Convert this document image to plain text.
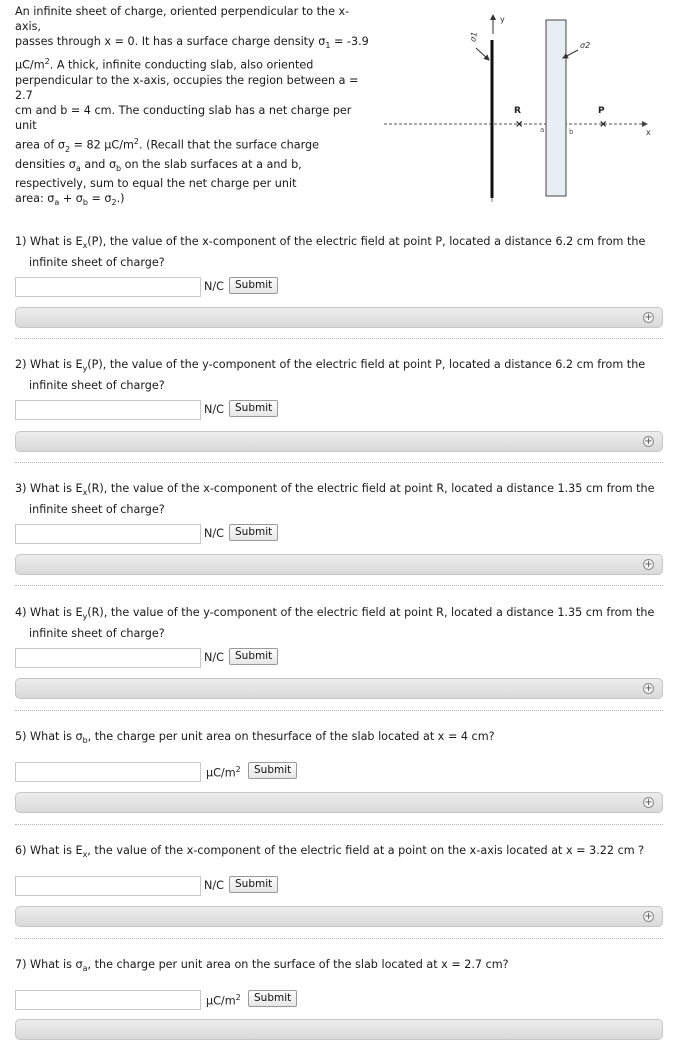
An infinite sheet of charge, oriented perpendicular to the x-axis,
passes through x = 0. It has a surface charge density $\sigma_1 = -3.9$
$\mu C/m^2$. A thick, infinite conducting slab, also oriented
perpendicular to the x-axis, occupies the region between a = 2.7
cm and b = 4 cm. The conducting slab has a net charge per unit
area of $\sigma_2 = 82$ $\mu C/m^2$. (Recall that the surface charge
densities $\sigma_a$ and $\sigma_b$ on the slab surfaces at a and b,
respectively, sum to equal the net charge per unit
area: $\sigma_a + \sigma_b = \sigma_2$.)
x
y
σ1
σ2
a	b
R
×
P
×
1) What is $E_x(P)$, the value of the x-component of the electric field at point P, located a distance 6.2 cm from the
infinite sheet of charge?
N/C	Submit
+
2) What is $E_y(P)$, the value of the y-component of the electric field at point P, located a distance 6.2 cm from the
infinite sheet of charge?
N/C	Submit
+
3) What is $E_x(R)$, the value of the x-component of the electric field at point R, located a distance 1.35 cm from the
infinite sheet of charge?
N/C	Submit
+
4) What is $E_y(R)$, the value of the y-component of the electric field at point R, located a distance 1.35 cm from the
infinite sheet of charge?
N/C	Submit
+
5) What is $\sigma_b$, the charge per unit area on thesurface of the slab located at x = 4 cm?
$\mu C/m^2$	Submit
+
6) What is $E_x$, the value of the x-component of the electric field at a point on the x-axis located at x = 3.22 cm ?
N/C	Submit
+
7) What is $\sigma_a$, the charge per unit area on the surface of the slab located at x = 2.7 cm?
$\mu C/m^2$	Submit
